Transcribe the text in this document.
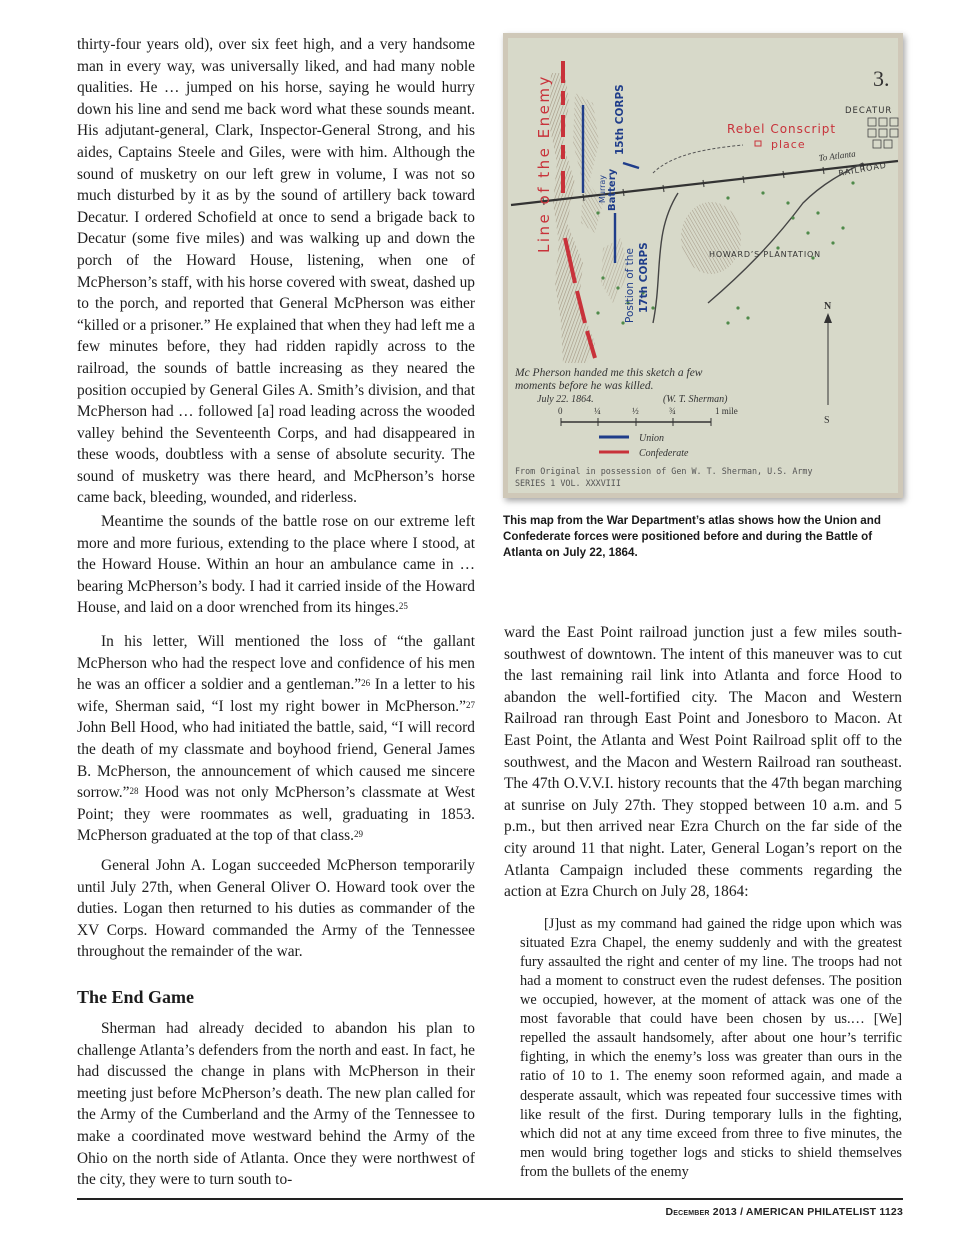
thirty-four years old), over six feet high, and a very handsome man in every way, was universally liked, and had many noble qualities. He … jumped on his horse, saying he would hurry down his line and send me back word what these sounds meant. His adjutant-general, Clark, Inspector-General Strong, and his aides, Captains Steele and Giles, were with him. Although the sound of musketry on our left grew in volume, I was not so much disturbed by it as by the sound of artillery back toward Decatur. I ordered Schofield at once to send a brigade back to Decatur (some five miles) and was walking up and down the porch of the Howard House, listening, when one of McPherson’s staff, with his horse covered with sweat, dashed up to the porch, and reported that General McPherson was either “killed or a prisoner.” He explained that when they had left me a few minutes before, they had ridden rapidly across to the railroad, the sounds of battle increasing as they neared the position occupied by General Giles A. Smith’s division, and that McPherson had … followed [a] road leading across the wooded valley behind the Seventeenth Corps, and had disappeared in these woods, doubtless with a sense of absolute security. The sound of musketry was there heard, and McPherson’s horse came back, bleeding, wounded, and riderless.

Meantime the sounds of the battle rose on our extreme left more and more furious, extending to the place where I stood, at the Howard House. Within an hour an ambulance came in … bearing McPherson’s body. I had it carried inside of the Howard House, and laid on a door wrenched from its hinges.$^{25}$

In his letter, Will mentioned the loss of “the gallant McPherson who had the respect love and confidence of his men he was an officer a soldier and a gentleman.”$^{26}$ In a letter to his wife, Sherman said, “I lost my right bower in McPherson.”$^{27}$ John Bell Hood, who had initiated the battle, said, “I will record the death of my classmate and boyhood friend, General James B. McPherson, the announcement of which caused me sincere sorrow.”$^{28}$ Hood was not only McPherson’s classmate at West Point; they were roommates as well, graduating in 1853. McPherson graduated at the top of that class.$^{29}$

General John A. Logan succeeded McPherson temporarily until July 27th, when General Oliver O. Howard took over the duties. Logan then returned to his duties as commander of the XV Corps. Howard commanded the Army of the Tennessee throughout the remainder of the war.

The End Game

Sherman had already decided to abandon his plan to challenge Atlanta’s defenders from the north and east. In fact, he had discussed the change in plans with McPherson in their meeting just before McPherson’s death. The new plan called for the Army of the Cumberland and the Army of the Tennessee to make a coordinated move westward behind the Army of the Ohio on the north side of Atlanta. Once they were northwest of the city, they were to turn south to-

3.
Line of the Enemy	15th CORPS
Battery
Murray
Rebel Conscript
place
DECATUR
To Atlanta
RAILROAD
Position of the 17th CORPS	HOWARD’S PLANTATION
N
S
Mc Pherson handed me this sketch a few
moments before he was killed.
July 22. 1864.	(W. T. Sherman)
0	¼	½	¾	1 mile
Union
Confederate
From Original in possession of Gen W. T. Sherman, U.S. Army
SERIES 1 VOL. XXXVIII
This map from the War Department’s atlas shows how the Union and Confederate forces were positioned before and during the Battle of Atlanta on July 22, 1864.

ward the East Point railroad junction just a few miles south-southwest of downtown. The intent of this maneuver was to cut the last remaining rail link into Atlanta and force Hood to abandon the well-fortified city. The Macon and Western Railroad ran through East Point and Jonesboro to Macon. At East Point, the Atlanta and West Point Railroad split off to the southwest, and the Macon and Western Railroad ran southeast. The 47th O.V.V.I. history recounts that the 47th began marching at sunrise on July 27th. They stopped between 10 a.m. and 5 p.m., but then arrived near Ezra Church on the far side of the city around 11 that night. Later, General Logan’s report on the Atlanta Campaign included these comments regarding the action at Ezra Church on July 28, 1864:

[J]ust as my command had gained the ridge upon which was situated Ezra Chapel, the enemy suddenly and with the greatest fury assaulted the right and center of my line. The troops had not had a moment to construct even the rudest defenses. The position we occupied, however, at the moment of attack was one of the most favorable that could have been chosen by us.… [We] repelled the assault handsomely, after about one hour’s terrific fighting, in which the enemy’s loss was greater than ours in the ratio of 10 to 1. The enemy soon reformed again, and made a desperate assault, which was repeated four successive times with like result of the first. During temporary lulls in the fighting, which did not at any time exceed from three to five minutes, the men would bring together logs and sticks to shield themselves from the bullets of the enemy

December 2013 / AMERICAN PHILATELIST 1123
